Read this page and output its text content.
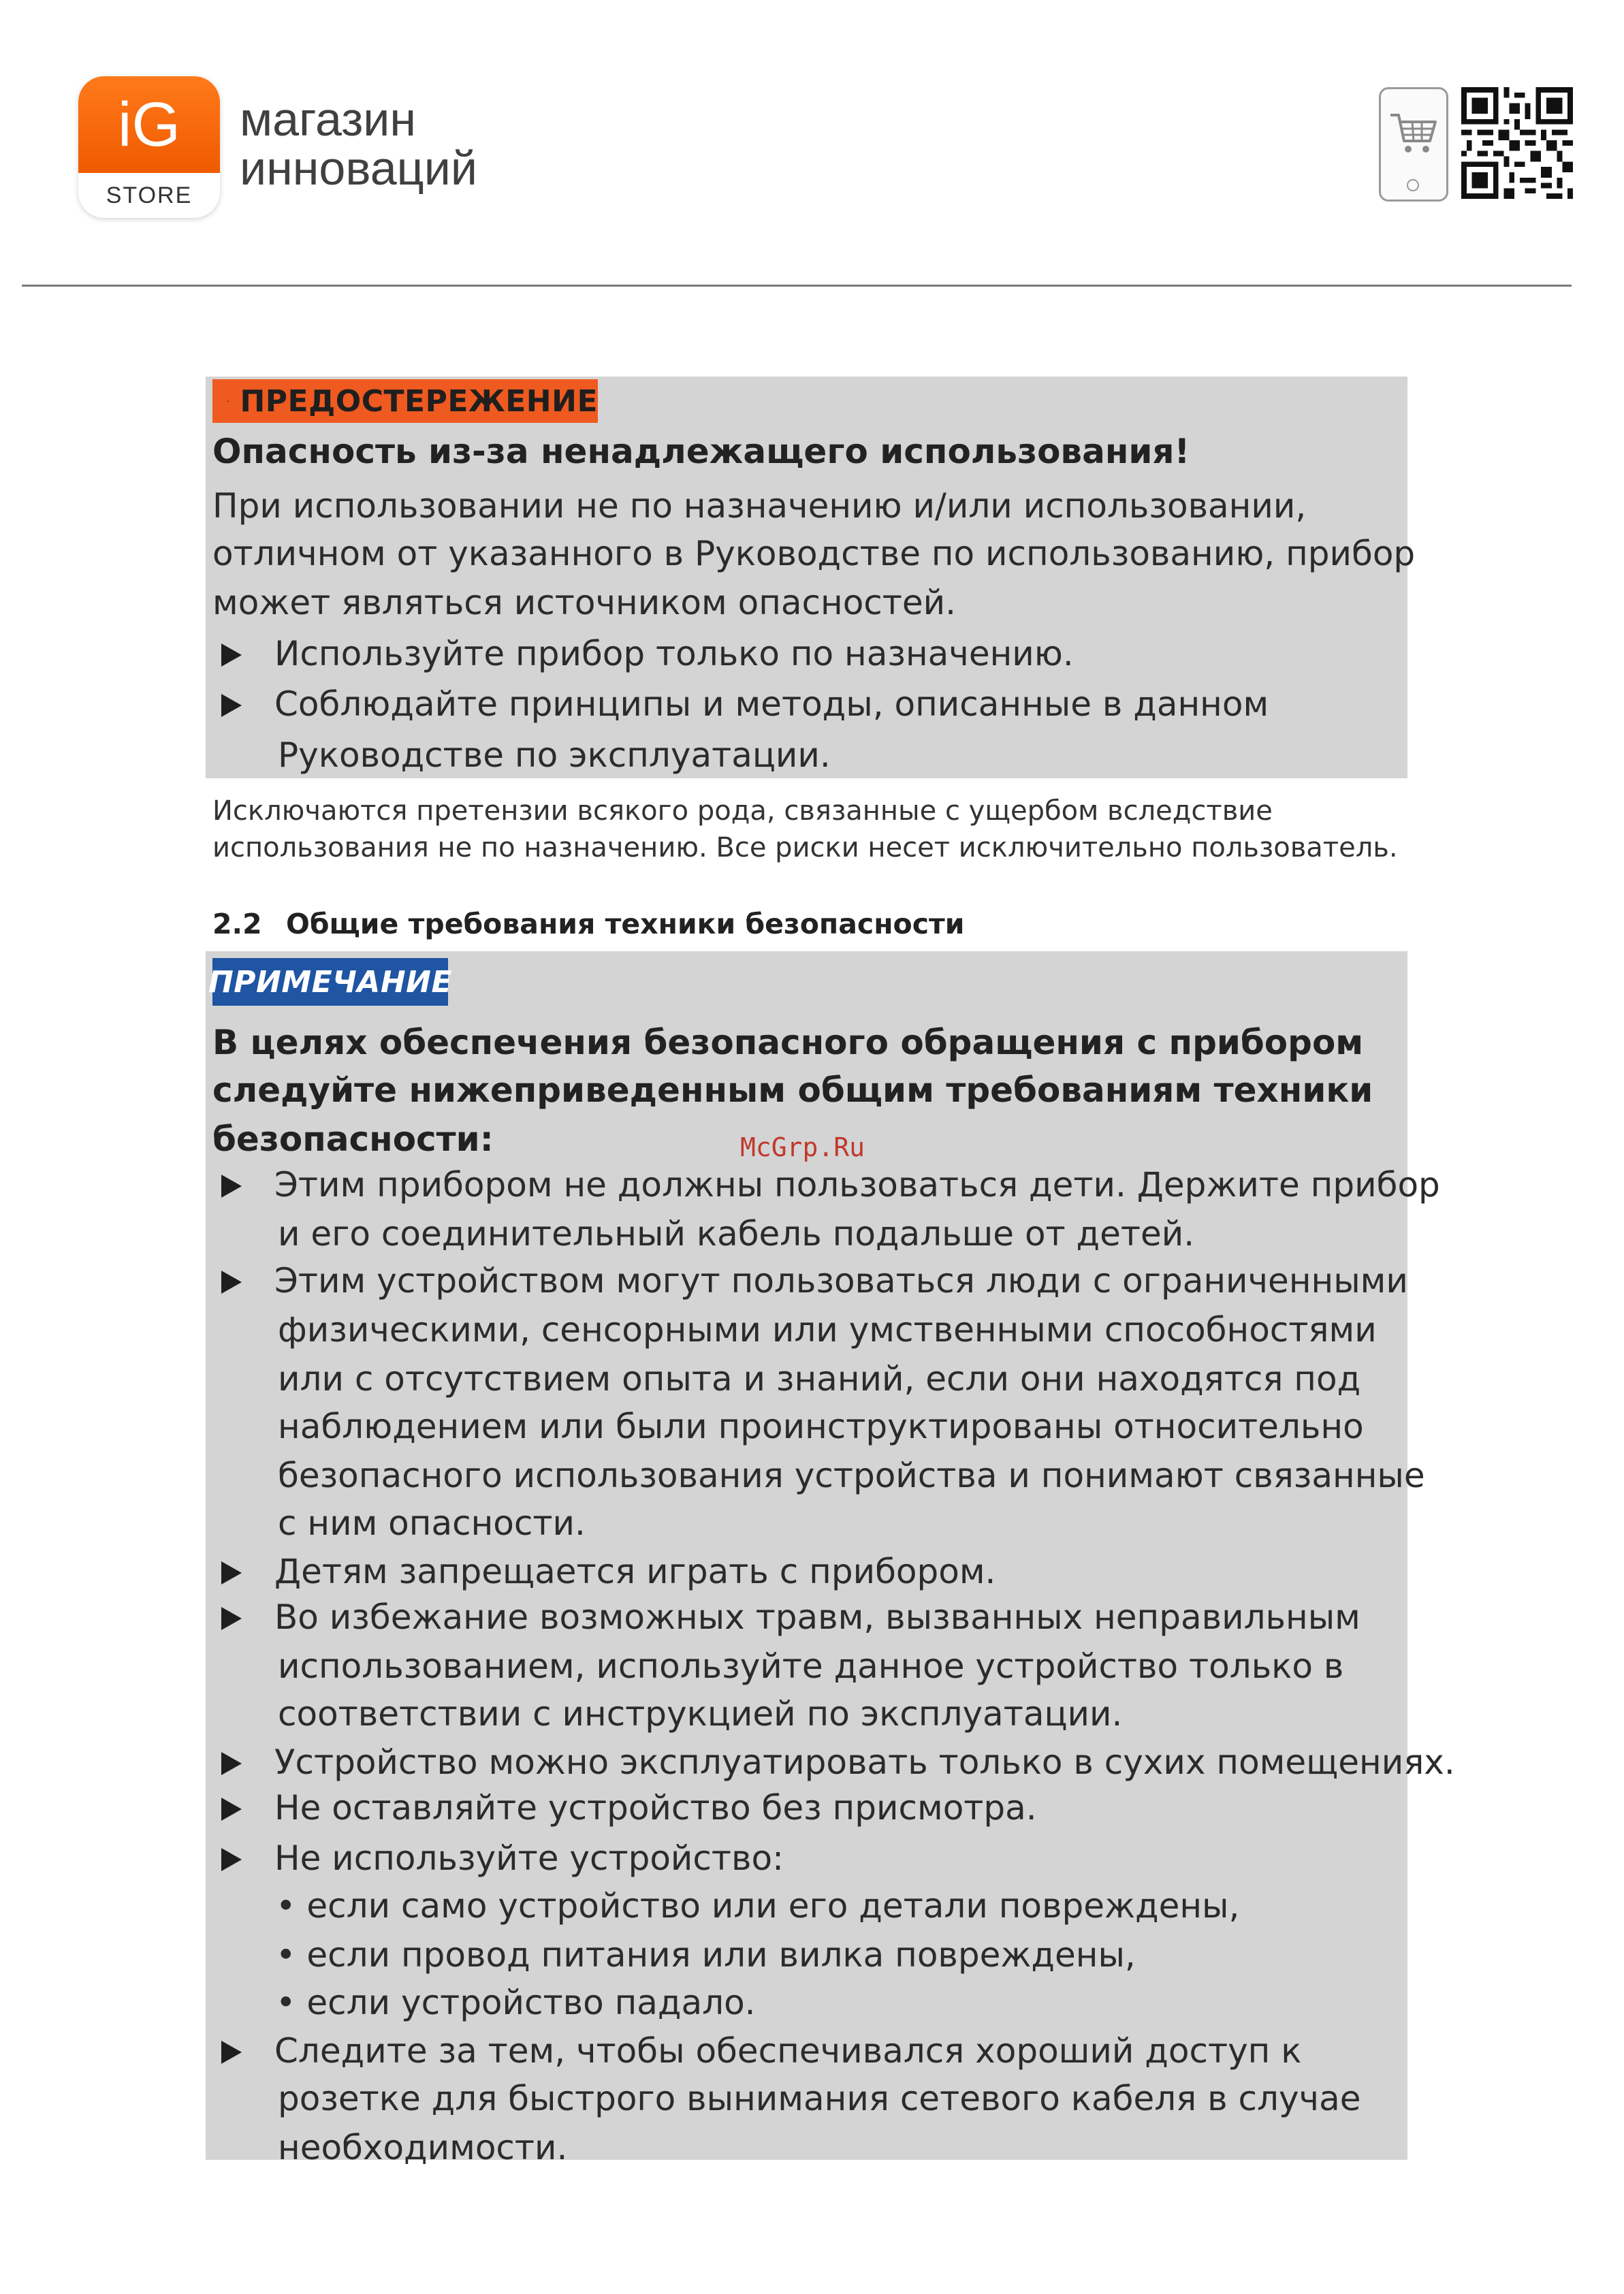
iG
STORE
магазин
инноваций
ПРЕДОСТЕРЕЖЕНИЕ
Опасность из-за ненадлежащего использования!
При использовании не по назначению и/или использовании,
отличном от указанного в Руководстве по использованию, прибор
может являться источником опасностей.
Используйте прибор только по назначению.
Соблюдайте принципы и методы, описанные в данном
Руководстве по эксплуатации.
Исключаются претензии всякого рода, связанные с ущербом вследствие
использования не по назначению. Все риски несет исключительно пользователь.
2.2 Общие требования техники безопасности
ПРИМЕЧАНИЕ
В целях обеспечения безопасного обращения с прибором
следуйте нижеприведенным общим требованиям техники
безопасности:
Этим прибором не должны пользоваться дети. Держите прибор
и его соединительный кабель подальше от детей.
Этим устройством могут пользоваться люди с ограниченными
физическими, сенсорными или умственными способностями
или с отсутствием опыта и знаний, если они находятся под
наблюдением или были проинструктированы относительно
безопасного использования устройства и понимают связанные
с ним опасности.
Детям запрещается играть с прибором.
Во избежание возможных травм, вызванных неправильным
использованием, используйте данное устройство только в
соответствии с инструкцией по эксплуатации.
Устройство можно эксплуатировать только в сухих помещениях.
Не оставляйте устройство без присмотра.
Не используйте устройство:
• если само устройство или его детали повреждены,
• если провод питания или вилка повреждены,
• если устройство падало.
Следите за тем, чтобы обеспечивался хороший доступ к
розетке для быстрого вынимания сетевого кабеля в случае
необходимости.
McGrp.Ru
